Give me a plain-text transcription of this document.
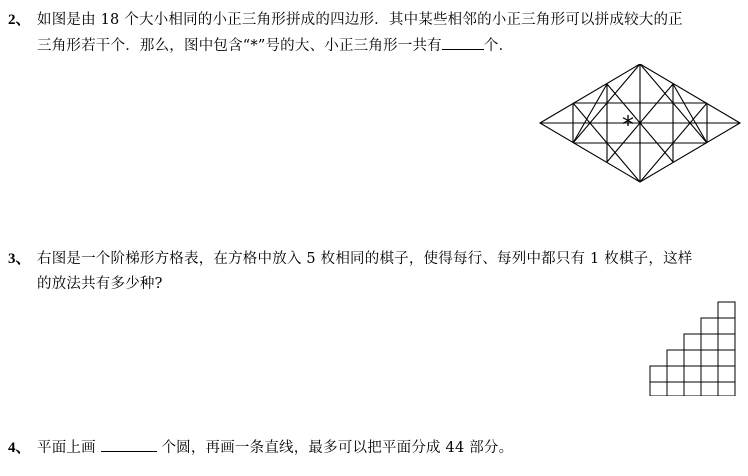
2、 如图是由 18 个大小相同的小正三角形拼成的四边形．其中某些相邻的小正三角形可以拼成较大的正
三角形若干个．那么，图中包含“*”号的大、小正三角形一共有	个．
*
3、 右图是一个阶梯形方格表，在方格中放入 5 枚相同的棋子，使得每行、每列中都只有 1 枚棋子，这样
的放法共有多少种?
4、 平面上画	个圆，再画一条直线，最多可以把平面分成 44 部分。
